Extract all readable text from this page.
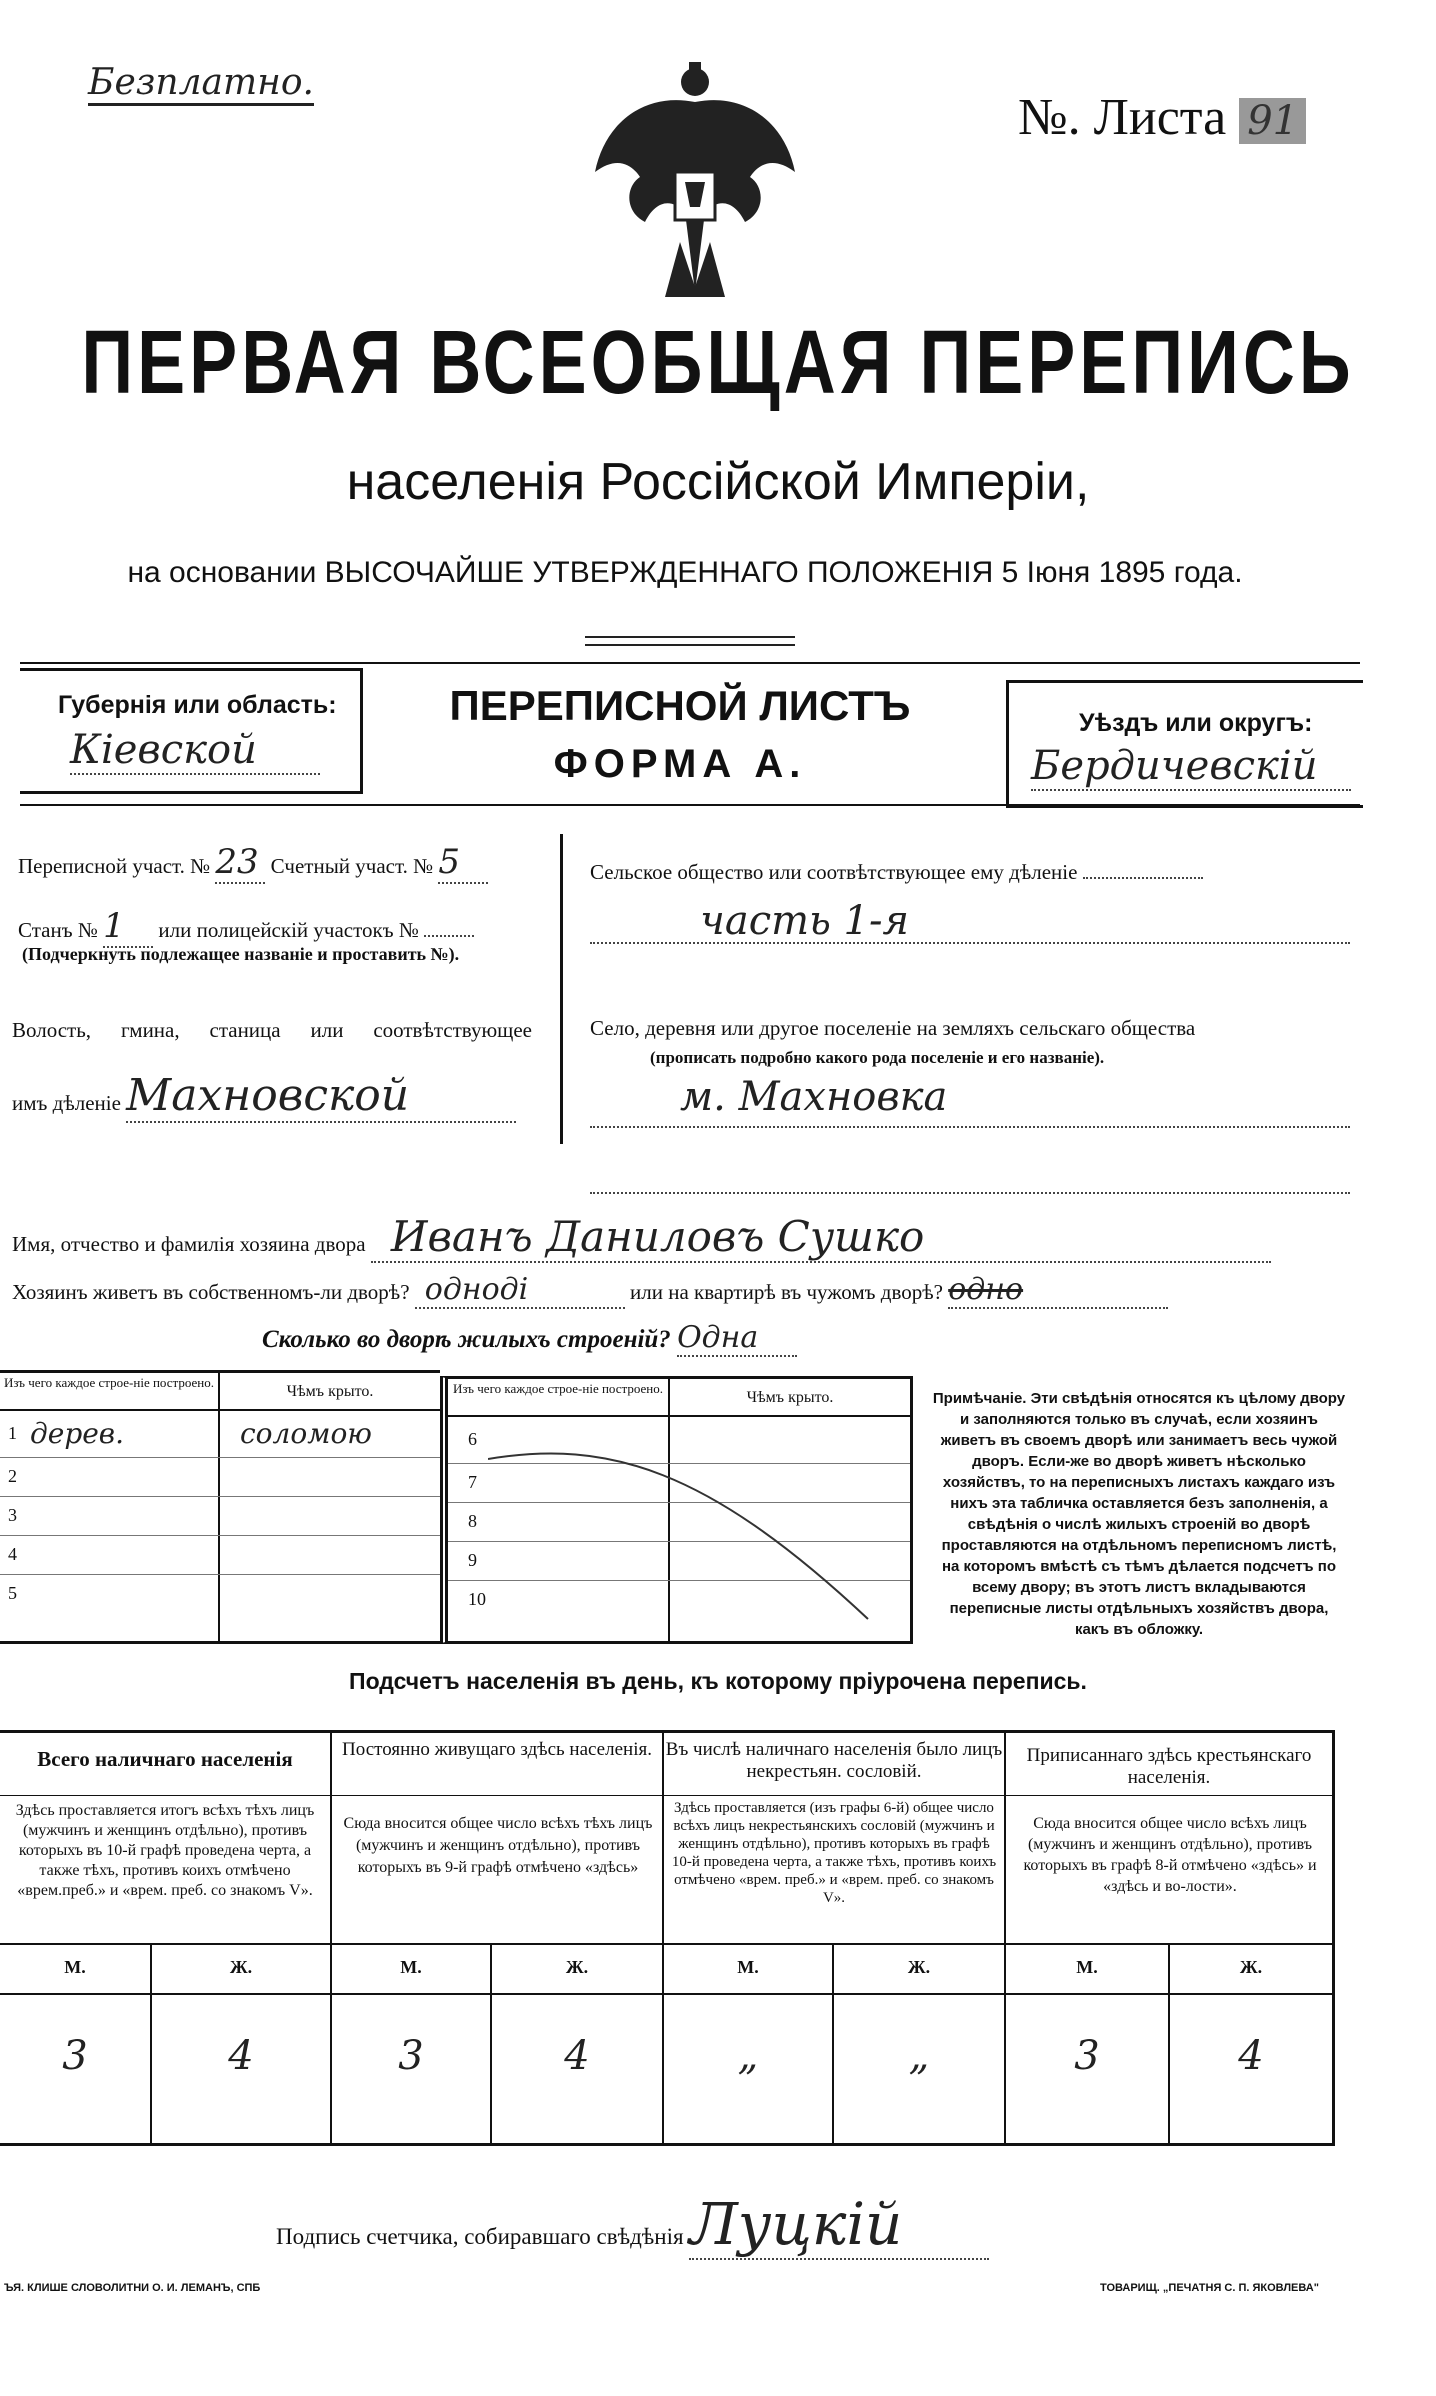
Безплатно.
№. Листа 91
ПЕРВАЯ ВСЕОБЩАЯ ПЕРЕПИСЬ
населенія Россійской Имперіи,
на основании ВЫСОЧАЙШЕ УТВЕРЖДЕННАГО ПОЛОЖЕНІЯ 5 Іюня 1895 года.
Губернія или область:
Кіевской
ПЕРЕПИСНОЙ ЛИСТЪ
ФОРМА А.
Уѣздъ или округъ:
Бердичевскій
Переписной участ. № 23 Счетный участ. № 5
Станъ № 1 или полицейскій участокъ №
(Подчеркнуть подлежащее названіе и проставить №).
Волость, гмина, станица или соотвѣтствующее
имъ дѣленіе Махновской
Сельское общество или соотвѣтствующее ему дѣленіе
часть 1-я
Село, деревня или другое поселеніе на земляхъ сельскаго общества
(прописать подробно какого рода поселеніе и его названіе).
м. Махновка
Имя, отчество и фамилія хозяина двора Иванъ Даниловъ Сушко
Хозяинъ живетъ въ собственномъ-ли дворѣ? одноді	или на квартирѣ въ чужомъ дворѣ? одно
Сколько во дворѣ жилыхъ строеній? Одна
Изъ чего каждое строе-ніе построено.
Чѣмъ крыто.
1 дерев.	соломою
2
3
4
5
Изъ чего каждое строе-ніе построено.
Чѣмъ крыто.
6
7
8
9
10
Примѣчаніе. Эти свѣдѣнія относятся къ цѣлому двору и заполняются только въ случаѣ, если хозяинъ живетъ въ своемъ дворѣ или занимаетъ весь чужой дворъ. Если-же во дворѣ живетъ нѣсколько хозяйствъ, то на переписныхъ листахъ каждаго изъ нихъ эта табличка оставляется безъ заполненія, а свѣдѣнія о числѣ жилыхъ строеній во дворѣ проставляются на отдѣльномъ переписномъ листѣ, на которомъ вмѣстѣ съ тѣмъ дѣлается подсчетъ по всему двору; въ этотъ листъ вкладываются переписные листы отдѣльныхъ хозяйствъ двора, какъ въ обложку.
Подсчетъ населенія въ день, къ которому пріурочена перепись.
Всего наличнаго населенія
Здѣсь проставляется итогъ всѣхъ тѣхъ лицъ (мужчинъ и женщинъ отдѣльно), противъ которыхъ въ 10-й графѣ проведена черта, а также тѣхъ, противъ коихъ отмѣчено «врем.преб.» и «врем. преб. со знакомъ V».
М.	Ж.
3	4
Постоянно живущаго здѣсь населенія.
Сюда вносится общее число всѣхъ тѣхъ лицъ (мужчинъ и женщинъ отдѣльно), противъ которыхъ въ 9-й графѣ отмѣчено «здѣсь»
М.	Ж.
3	4
Въ числѣ наличнаго населенія было лицъ некрестьян. сословій.
Здѣсь проставляется (изъ графы 6-й) общее число всѣхъ лицъ некрестьянскихъ сословій (мужчинъ и женщинъ отдѣльно), противъ которыхъ въ графѣ 10-й проведена черта, а также тѣхъ, противъ коихъ отмѣчено «врем. преб.» и «врем. преб. со знакомъ V».
М.	Ж.
„	„
Приписаннаго здѣсь крестьянскаго населенія.
Сюда вносится общее число всѣхъ лицъ (мужчинъ и женщинъ отдѣльно), противъ которыхъ въ графѣ 8-й отмѣчено «здѣсь» и «здѣсь и во-лости».
М.	Ж.
3	4
Подпись счетчика, собиравшаго свѣдѣнія Луцкій
ЪЯ. КЛИШЕ СЛОВОЛИТНИ О. И. ЛЕМАНЪ, СПБ	ТОВАРИЩ. „ПЕЧАТНЯ С. П. ЯКОВЛЕВА"
